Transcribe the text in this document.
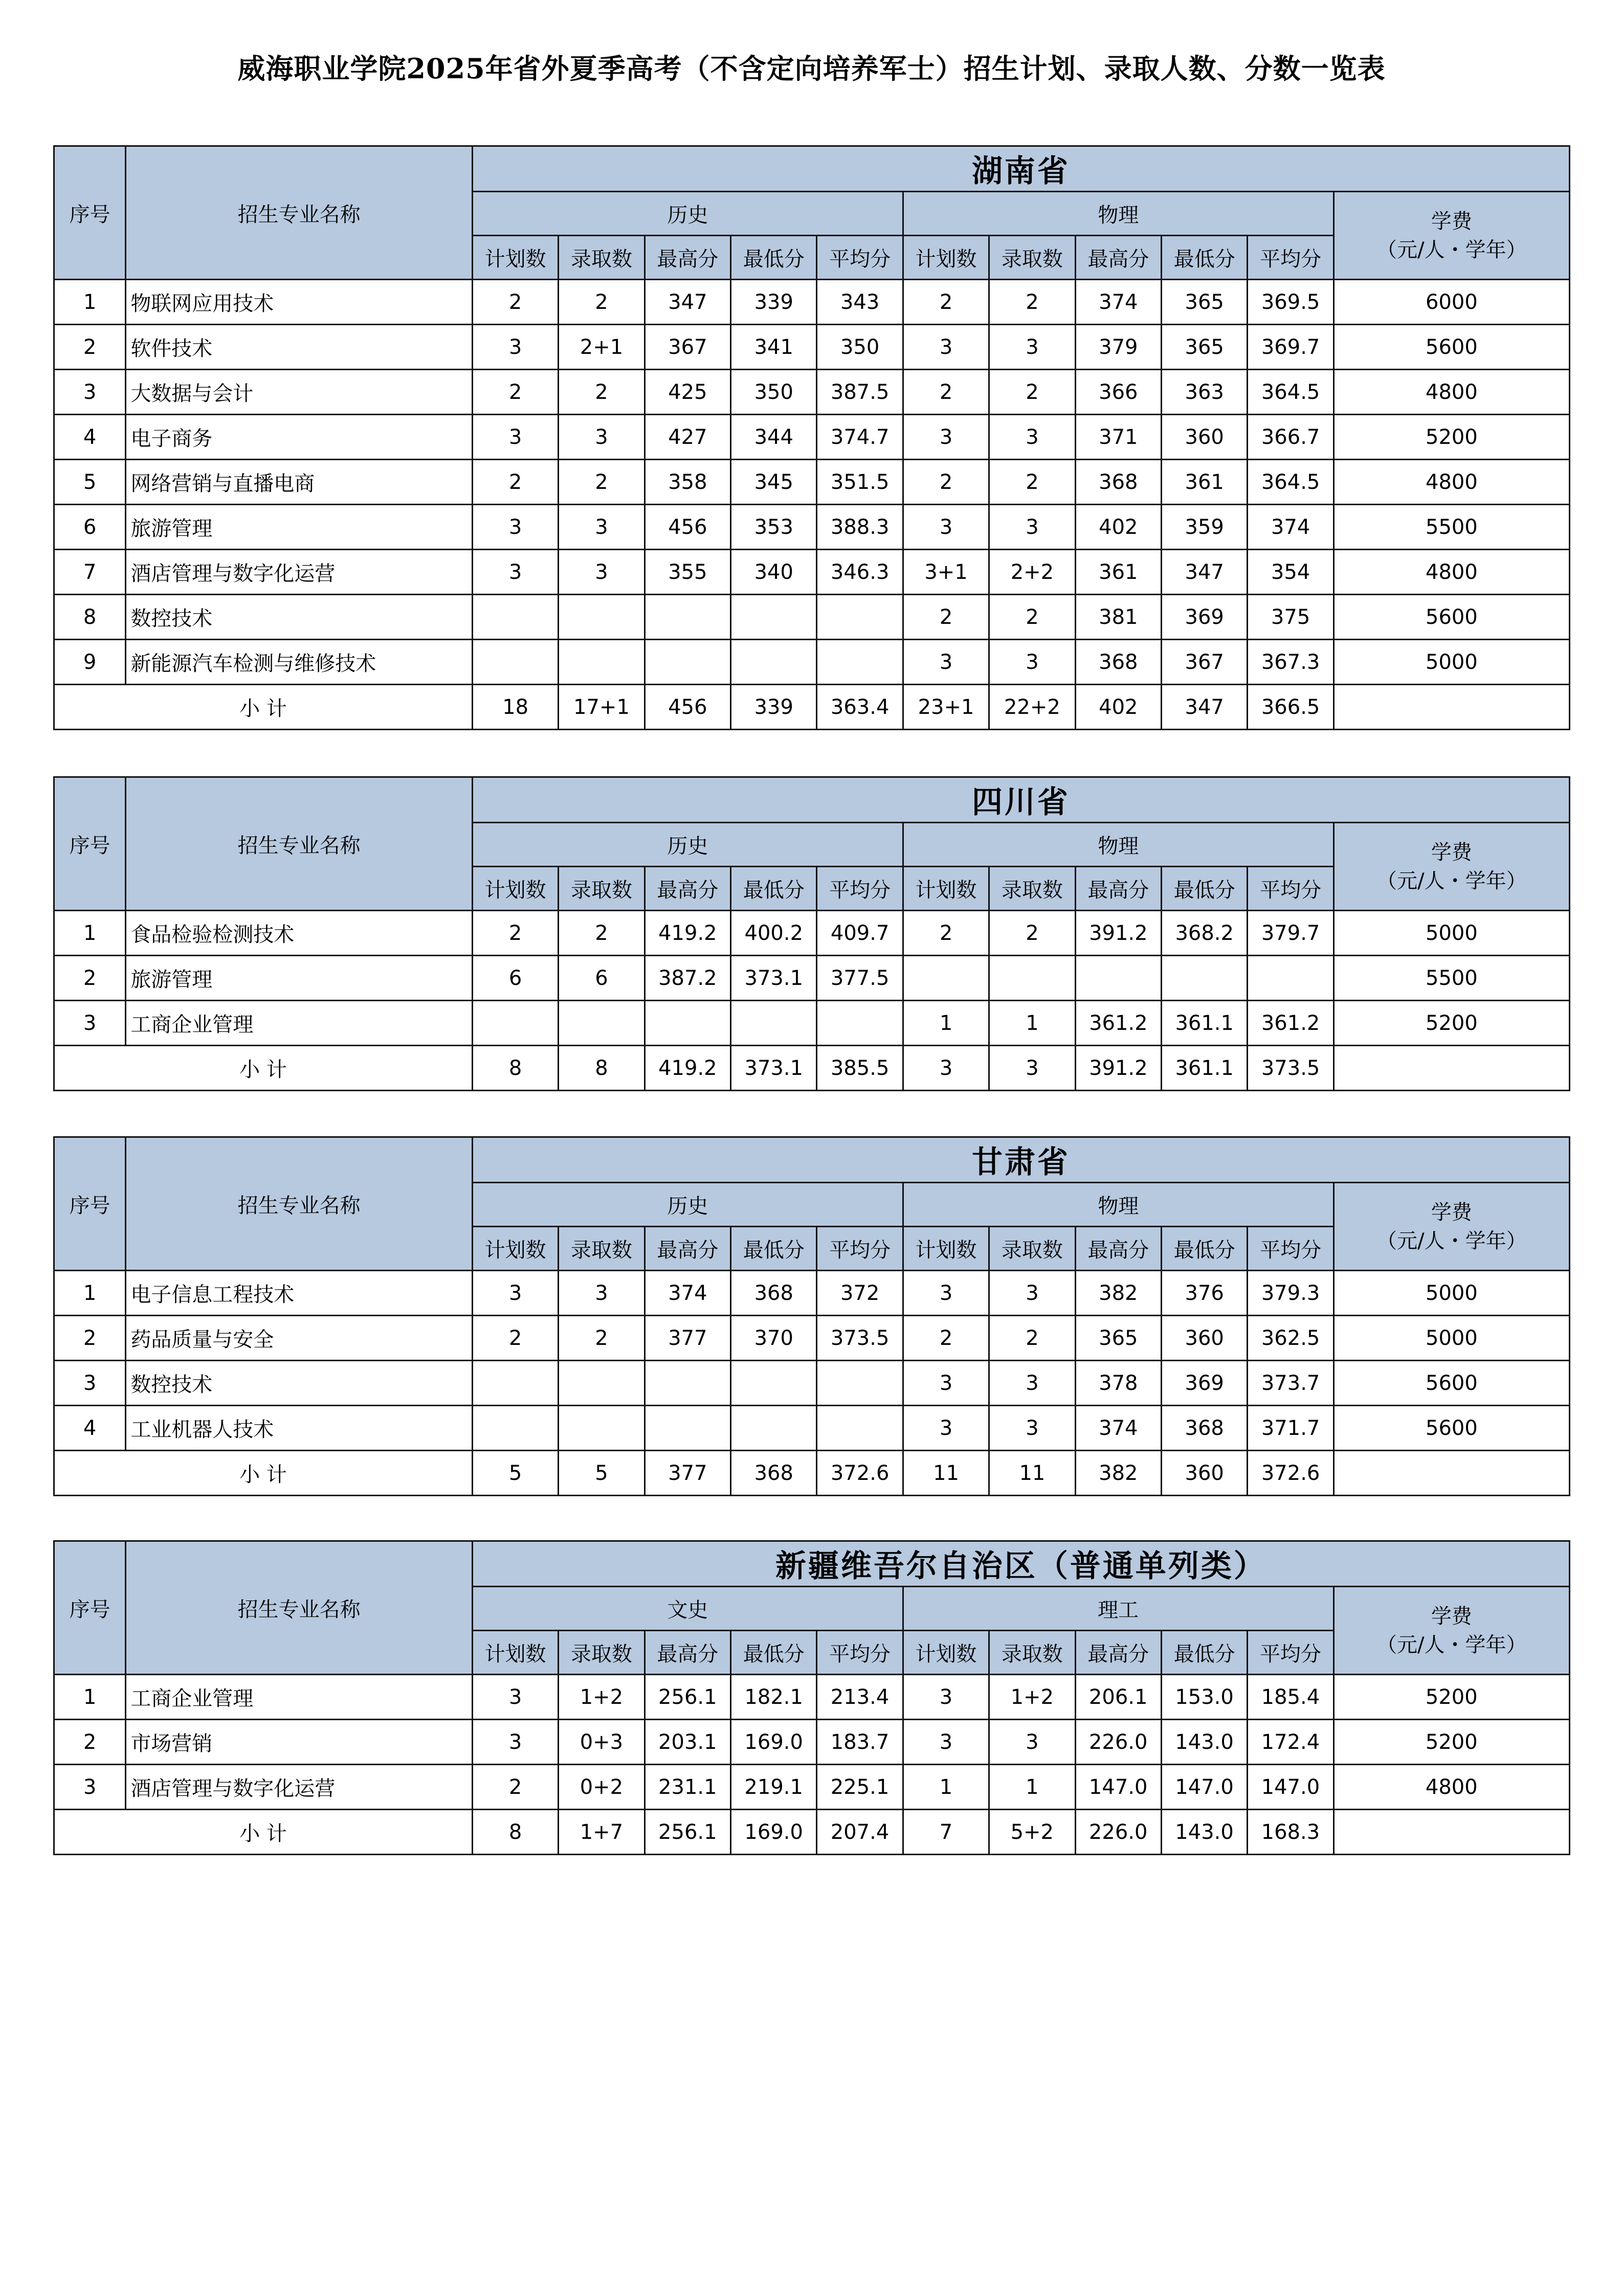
威海职业学院2025年省外夏季高考（不含定向培养军士）招生计划、录取人数、分数一览表
序号	招生专业名称	湖南省										
		历史					物理					学费
（元/人・学年）

		计划数	录取数	最高分	最低分	平均分	计划数	录取数	最高分	最低分	平均分	
1	物联网应用技术	2	2	347	339	343	2	2	374	365	369.5	6000
2	软件技术	3	2+1	367	341	350	3	3	379	365	369.7	5600
3	大数据与会计	2	2	425	350	387.5	2	2	366	363	364.5	4800
4	电子商务	3	3	427	344	374.7	3	3	371	360	366.7	5200
5	网络营销与直播电商	2	2	358	345	351.5	2	2	368	361	364.5	4800
6	旅游管理	3	3	456	353	388.3	3	3	402	359	374	5500
7	酒店管理与数字化运营	3	3	355	340	346.3	3+1	2+2	361	347	354	4800
8	数控技术						2	2	381	369	375	5600
9	新能源汽车检测与维修技术						3	3	368	367	367.3	5000
小 计		18	17+1	456	339	363.4	23+1	22+2	402	347	366.5	
序号	招生专业名称	四川省										
		历史					物理					学费
（元/人・学年）

		计划数	录取数	最高分	最低分	平均分	计划数	录取数	最高分	最低分	平均分	
1	食品检验检测技术	2	2	419.2	400.2	409.7	2	2	391.2	368.2	379.7	5000
2	旅游管理	6	6	387.2	373.1	377.5						5500
3	工商企业管理						1	1	361.2	361.1	361.2	5200
小 计		8	8	419.2	373.1	385.5	3	3	391.2	361.1	373.5	
序号	招生专业名称	甘肃省										
		历史					物理					学费
（元/人・学年）

		计划数	录取数	最高分	最低分	平均分	计划数	录取数	最高分	最低分	平均分	
1	电子信息工程技术	3	3	374	368	372	3	3	382	376	379.3	5000
2	药品质量与安全	2	2	377	370	373.5	2	2	365	360	362.5	5000
3	数控技术						3	3	378	369	373.7	5600
4	工业机器人技术						3	3	374	368	371.7	5600
小 计		5	5	377	368	372.6	11	11	382	360	372.6	
序号	招生专业名称	新疆维吾尔自治区（普通单列类）										
		文史					理工					学费
（元/人・学年）

		计划数	录取数	最高分	最低分	平均分	计划数	录取数	最高分	最低分	平均分	
1	工商企业管理	3	1+2	256.1	182.1	213.4	3	1+2	206.1	153.0	185.4	5200
2	市场营销	3	0+3	203.1	169.0	183.7	3	3	226.0	143.0	172.4	5200
3	酒店管理与数字化运营	2	0+2	231.1	219.1	225.1	1	1	147.0	147.0	147.0	4800
小 计		8	1+7	256.1	169.0	207.4	7	5+2	226.0	143.0	168.3	
